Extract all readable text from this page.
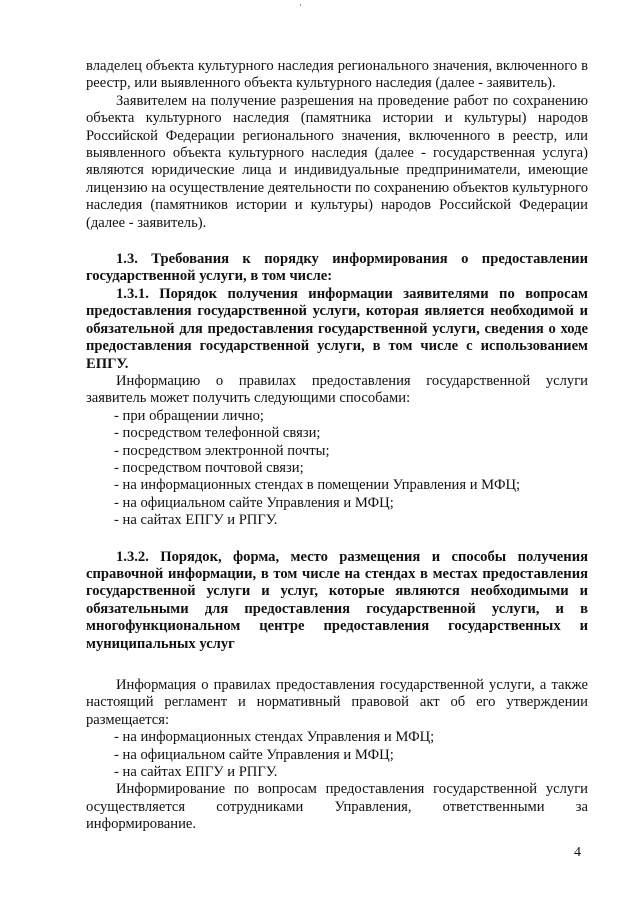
владелец объекта культурного наследия регионального значения, включенного в реестр, или выявленного объекта культурного наследия (далее - заявитель).

Заявителем на получение разрешения на проведение работ по сохранению объекта культурного наследия (памятника истории и культуры) народов Российской Федерации регионального значения, включенного в реестр, или выявленного объекта культурного наследия (далее - государственная услуга) являются юридические лица и индивидуальные предприниматели, имеющие лицензию на осуществление деятельности по сохранению объектов культурного наследия (памятников истории и культуры) народов Российской Федерации (далее - заявитель).

1.3. Требования к порядку информирования о предоставлении государственной услуги, в том числе:

1.3.1. Порядок получения информации заявителями по вопросам предоставления государственной услуги, которая является необходимой и обязательной для предоставления государственной услуги, сведения о ходе предоставления государственной услуги, в том числе с использованием ЕПГУ.

Информацию о правилах предоставления государственной услуги заявитель может получить следующими способами:

- при обращении лично;
- посредством телефонной связи;
- посредством электронной почты;
- посредством почтовой связи;
- на информационных стендах в помещении Управления и МФЦ;
- на официальном сайте Управления и МФЦ;
- на сайтах ЕПГУ и РПГУ.

1.3.2. Порядок, форма, место размещения и способы получения справочной информации, в том числе на стендах в местах предоставления государственной услуги и услуг, которые являются необходимыми и обязательными для предоставления государственной услуги, и в многофункциональном центре предоставления государственных и муниципальных услуг

Информация о правилах предоставления государственной услуги, а также настоящий регламент и нормативный правовой акт об его утверждении размещается:

- на информационных стендах Управления и МФЦ;
- на официальном сайте Управления и МФЦ;
- на сайтах ЕПГУ и РПГУ.

Информирование по вопросам предоставления государственной услуги осуществляется сотрудниками Управления, ответственными за информирование.

4
